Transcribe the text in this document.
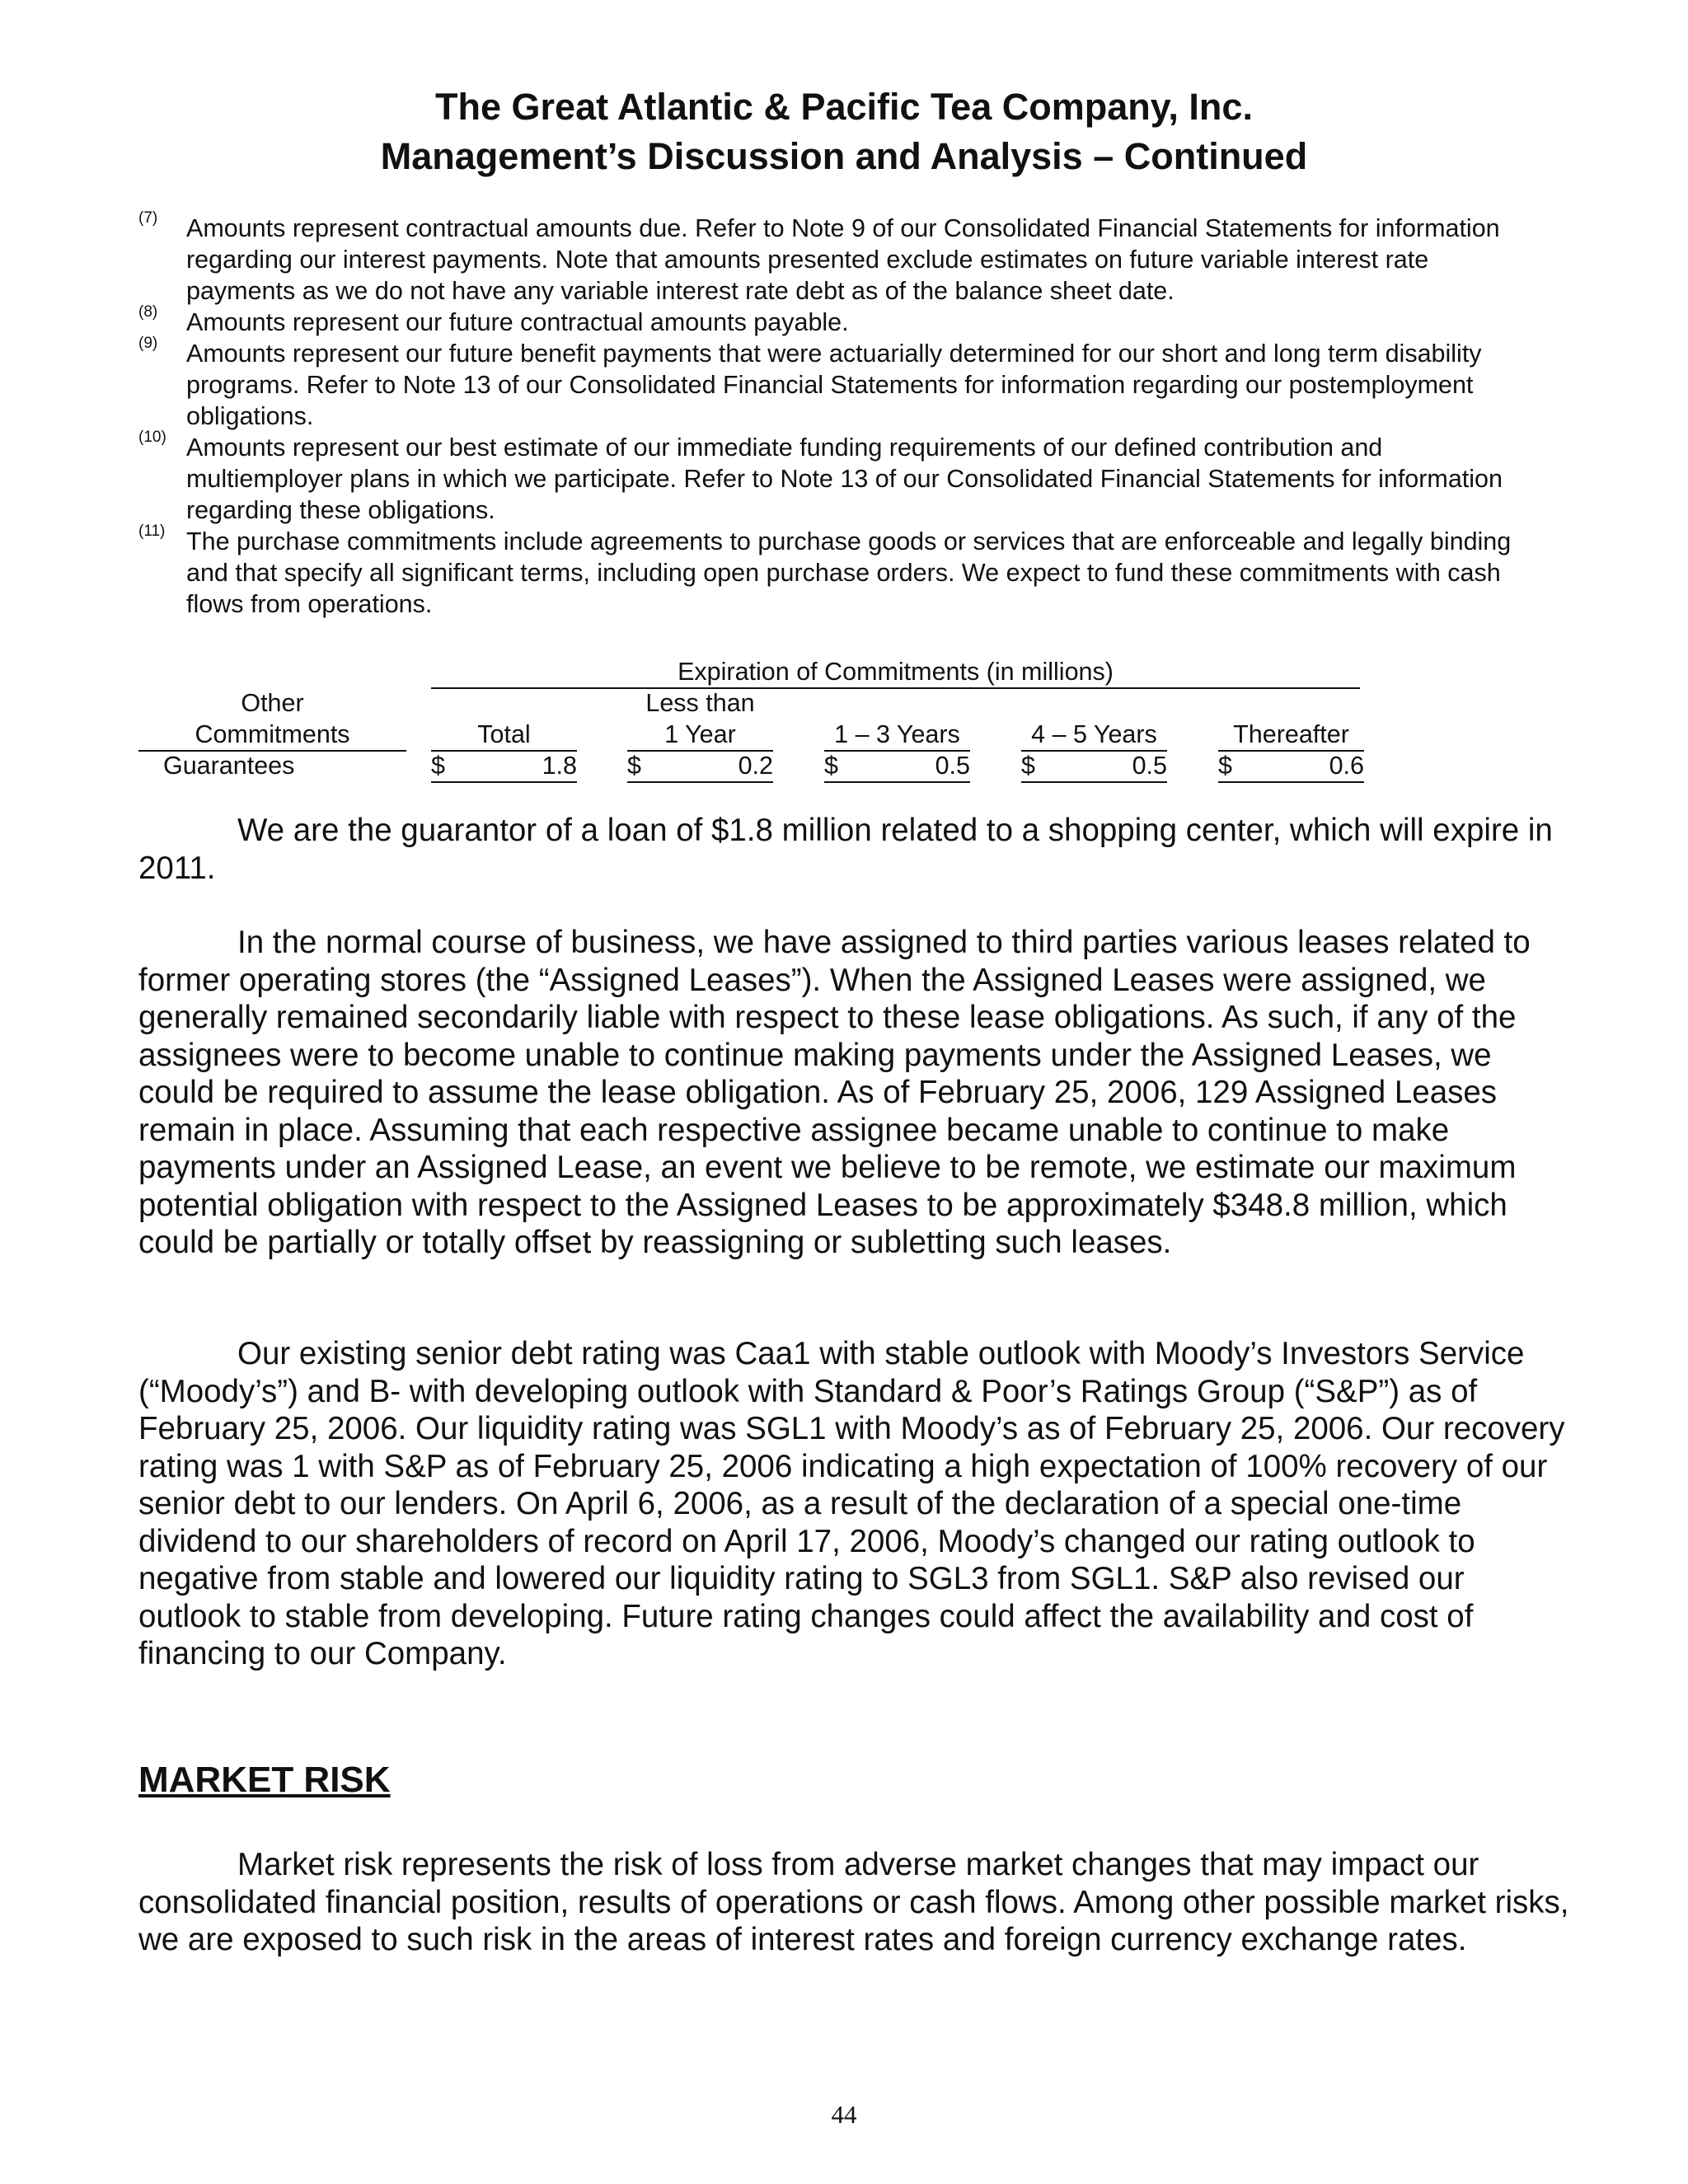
The Great Atlantic & Pacific Tea Company, Inc.
Management’s Discussion and Analysis – Continued
(7) Amounts represent contractual amounts due. Refer to Note 9 of our Consolidated Financial Statements for information regarding our interest payments. Note that amounts presented exclude estimates on future variable interest rate payments as we do not have any variable interest rate debt as of the balance sheet date.
(8) Amounts represent our future contractual amounts payable.
(9) Amounts represent our future benefit payments that were actuarially determined for our short and long term disability programs. Refer to Note 13 of our Consolidated Financial Statements for information regarding our postemployment obligations.
(10) Amounts represent our best estimate of our immediate funding requirements of our defined contribution and multiemployer plans in which we participate. Refer to Note 13 of our Consolidated Financial Statements for information regarding these obligations.
(11) The purchase commitments include agreements to purchase goods or services that are enforceable and legally binding and that specify all significant terms, including open purchase orders. We expect to fund these commitments with cash flows from operations.
Expiration of Commitments (in millions)
Other	Less than
Commitments	Total	1 Year	1 – 3 Years	4 – 5 Years	Thereafter
Guarantees	$	1.8 $	0.2 $	0.5 $	0.5 $	0.6

We are the guarantor of a loan of $1.8 million related to a shopping center, which will expire in 2011.

In the normal course of business, we have assigned to third parties various leases related to former operating stores (the “Assigned Leases”). When the Assigned Leases were assigned, we generally remained secondarily liable with respect to these lease obligations. As such, if any of the assignees were to become unable to continue making payments under the Assigned Leases, we could be required to assume the lease obligation. As of February 25, 2006, 129 Assigned Leases remain in place. Assuming that each respective assignee became unable to continue to make payments under an Assigned Lease, an event we believe to be remote, we estimate our maximum potential obligation with respect to the Assigned Leases to be approximately $348.8 million, which could be partially or totally offset by reassigning or subletting such leases.

Our existing senior debt rating was Caa1 with stable outlook with Moody’s Investors Service (“Moody’s”) and B- with developing outlook with Standard & Poor’s Ratings Group (“S&P”) as of February 25, 2006. Our liquidity rating was SGL1 with Moody’s as of February 25, 2006. Our recovery rating was 1 with S&P as of February 25, 2006 indicating a high expectation of 100% recovery of our senior debt to our lenders. On April 6, 2006, as a result of the declaration of a special one-time dividend to our shareholders of record on April 17, 2006, Moody’s changed our rating outlook to negative from stable and lowered our liquidity rating to SGL3 from SGL1. S&P also revised our outlook to stable from developing. Future rating changes could affect the availability and cost of financing to our Company.

MARKET RISK

Market risk represents the risk of loss from adverse market changes that may impact our consolidated financial position, results of operations or cash flows. Among other possible market risks, we are exposed to such risk in the areas of interest rates and foreign currency exchange rates.

44
